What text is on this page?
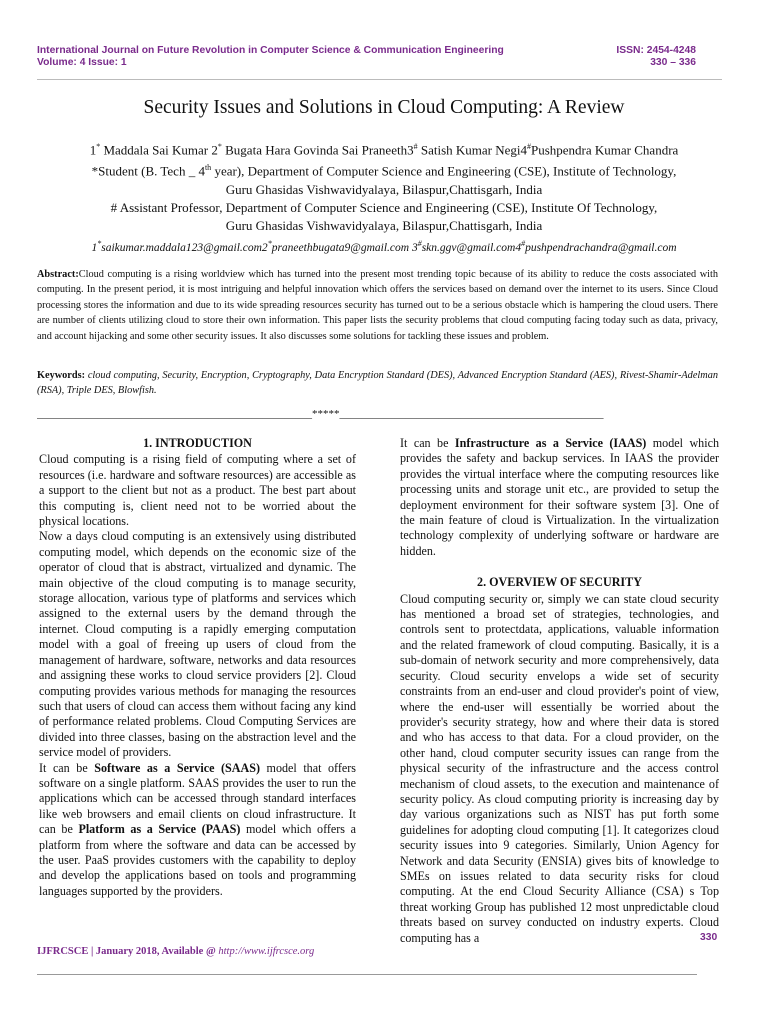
International Journal on Future Revolution in Computer Science & Communication Engineering
Volume: 4 Issue: 1
ISSN: 2454-4248
330 – 336
Security Issues and Solutions in Cloud Computing: A Review
1* Maddala Sai Kumar 2* Bugata Hara Govinda Sai Praneeth3# Satish Kumar Negi4#Pushpendra Kumar Chandra
*Student (B. Tech _ 4th year), Department of Computer Science and Engineering (CSE), Institute of Technology,
Guru Ghasidas Vishwavidyalaya, Bilaspur,Chattisgarh, India
# Assistant Professor, Department of Computer Science and Engineering (CSE), Institute Of Technology,
Guru Ghasidas Vishwavidyalaya, Bilaspur,Chattisgarh, India
1*saikumar.maddala123@gmail.com2*praneethbugata9@gmail.com 3#skn.ggv@gmail.com4#pushpendrachandra@gmail.com
Abstract:Cloud computing is a rising worldview which has turned into the present most trending topic because of its ability to reduce the costs associated with computing. In the present period, it is most intriguing and helpful innovation which offers the services based on demand over the internet to its users. Since Cloud processing stores the information and due to its wide spreading resources security has turned out to be a serious obstacle which is hampering the cloud users. There are number of clients utilizing cloud to store their own information. This paper lists the security problems that cloud computing facing today such as data, privacy, and account hijacking and some other security issues. It also discusses some solutions for tackling these issues and problem.
Keywords: cloud computing, Security, Encryption, Cryptography, Data Encryption Standard (DES), Advanced Encryption Standard (AES), Rivest-Shamir-Adelman (RSA), Triple DES, Blowfish.
__________________________________________________*****________________________________________________
1. INTRODUCTION

Cloud computing is a rising field of computing where a set of resources (i.e. hardware and software resources) are accessible as a support to the client but not as a product. The best part about this computing is, client need not to be worried about the physical locations.

Now a days cloud computing is an extensively using distributed computing model, which depends on the economic size of the operator of cloud that is abstract, virtualized and dynamic. The main objective of the cloud computing is to manage security, storage allocation, various type of platforms and services which assigned to the external users by the demand through the internet. Cloud computing is a rapidly emerging computation model with a goal of freeing up users of cloud from the management of hardware, software, networks and data resources and assigning these works to cloud service providers [2]. Cloud computing provides various methods for managing the resources such that users of cloud can access them without facing any kind of performance related problems. Cloud Computing Services are divided into three classes, basing on the abstraction level and the service model of providers.

It can be Software as a Service (SAAS) model that offers software on a single platform. SAAS provides the user to run the applications which can be accessed through standard interfaces like web browsers and email clients on cloud infrastructure. It can be Platform as a Service (PAAS) model which offers a platform from where the software and data can be accessed by the user. PaaS provides customers with the capability to deploy and develop the applications based on tools and programming languages supported by the providers.

It can be Infrastructure as a Service (IAAS) model which provides the safety and backup services. In IAAS the provider provides the virtual interface where the computing resources like processing units and storage unit etc., are provided to setup the deployment environment for their software system [3]. One of the main feature of cloud is Virtualization. In the virtualization technology complexity of underlying software or hardware are hidden.

2. OVERVIEW OF SECURITY

Cloud computing security or, simply we can state cloud security has mentioned a broad set of strategies, technologies, and controls sent to protectdata, applications, valuable information and the related framework of cloud computing. Basically, it is a sub-domain of network security and more comprehensively, data security. Cloud security envelops a wide set of security constraints from an end-user and cloud provider's point of view, where the end-user will essentially be worried about the provider's security strategy, how and where their data is stored and who has access to that data. For a cloud provider, on the other hand, cloud computer security issues can range from the physical security of the infrastructure and the access control mechanism of cloud assets, to the execution and maintenance of security policy. As cloud computing priority is increasing day by day various organizations such as NIST has put forth some guidelines for adopting cloud computing [1]. It categorizes cloud security issues into 9 categories. Similarly, Union Agency for Network and data Security (ENSIA) gives bits of knowledge to SMEs on issues related to data security risks for cloud computing. At the end Cloud Security Alliance (CSA) s Top threat working Group has published 12 most unpredictable cloud threats based on survey conducted on industry experts. Cloud computing has a	330
IJFRCSCE | January 2018, Available @ http://www.ijfrcsce.org
